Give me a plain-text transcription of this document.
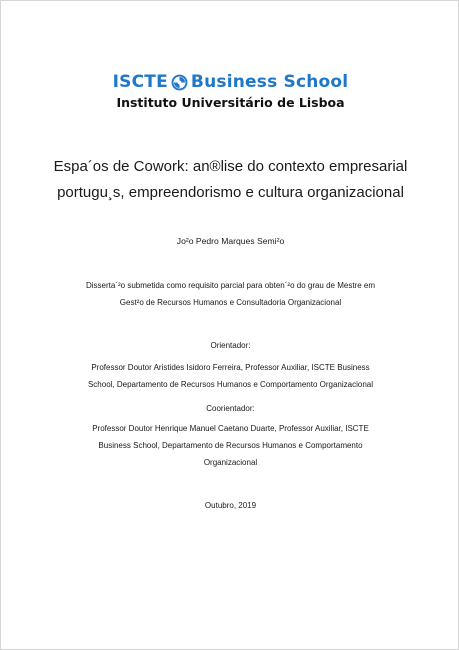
ISCTE Business School
Instituto Universitário de Lisboa
Espa´os de Cowork: an®lise do contexto empresarial
portugu¸s, empreendorismo e cultura organizacional
Jo²o Pedro Marques Semi²o
Disserta´²o submetida como requisito parcial para obten´²o do grau de Mestre em
Gest²o de Recursos Humanos e Consultadoria Organizacional
Orientador:
Professor Doutor Aristides Isidoro Ferreira, Professor Auxiliar, ISCTE Business
School, Departamento de Recursos Humanos e Comportamento Organizacional
Coorientador:
Professor Doutor Henrique Manuel Caetano Duarte, Professor Auxiliar, ISCTE
Business School, Departamento de Recursos Humanos e Comportamento
Organizacional
Outubro, 2019
